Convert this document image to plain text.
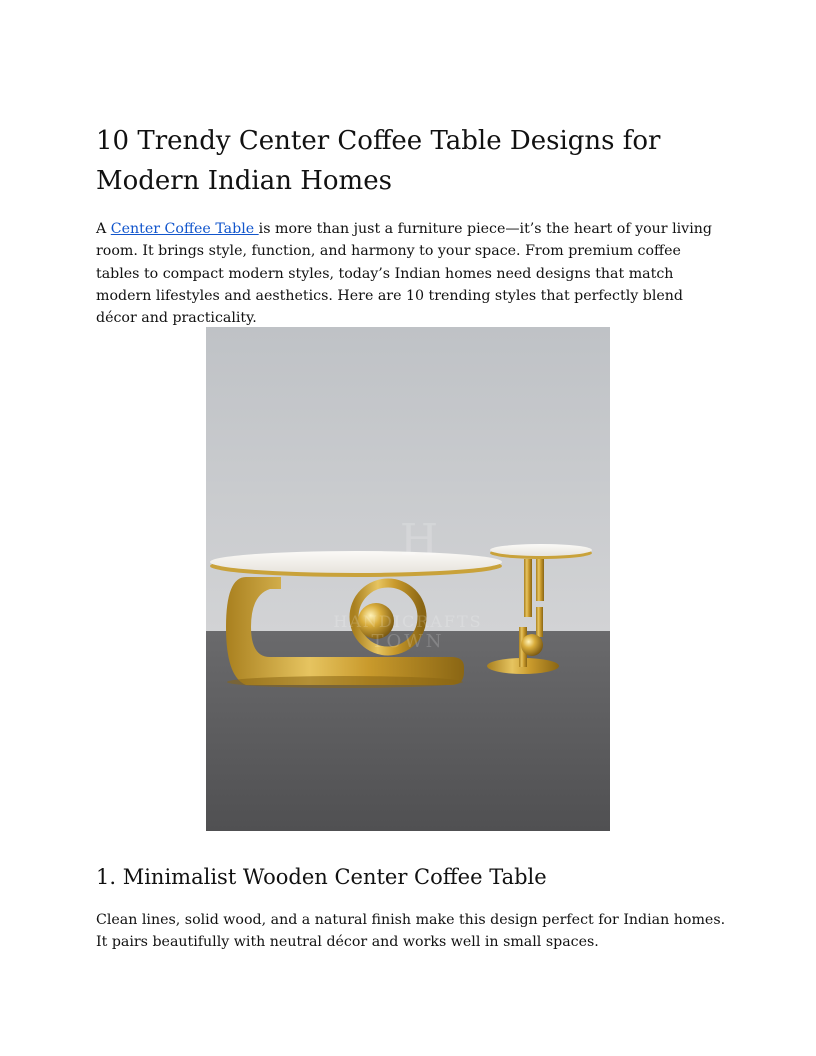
10 Trendy Center Coffee Table Designs for Modern Indian Homes

A Center Coffee Table is more than just a furniture piece—it’s the heart of your living room. It brings style, function, and harmony to your space. From premium coffee tables to compact modern styles, today’s Indian homes need designs that match modern lifestyles and aesthetics. Here are 10 trending styles that perfectly blend décor and practicality.

H
HANDICRAFTS
TOWN
1. Minimalist Wooden Center Coffee Table

Clean lines, solid wood, and a natural finish make this design perfect for Indian homes. It pairs beautifully with neutral décor and works well in small spaces.
